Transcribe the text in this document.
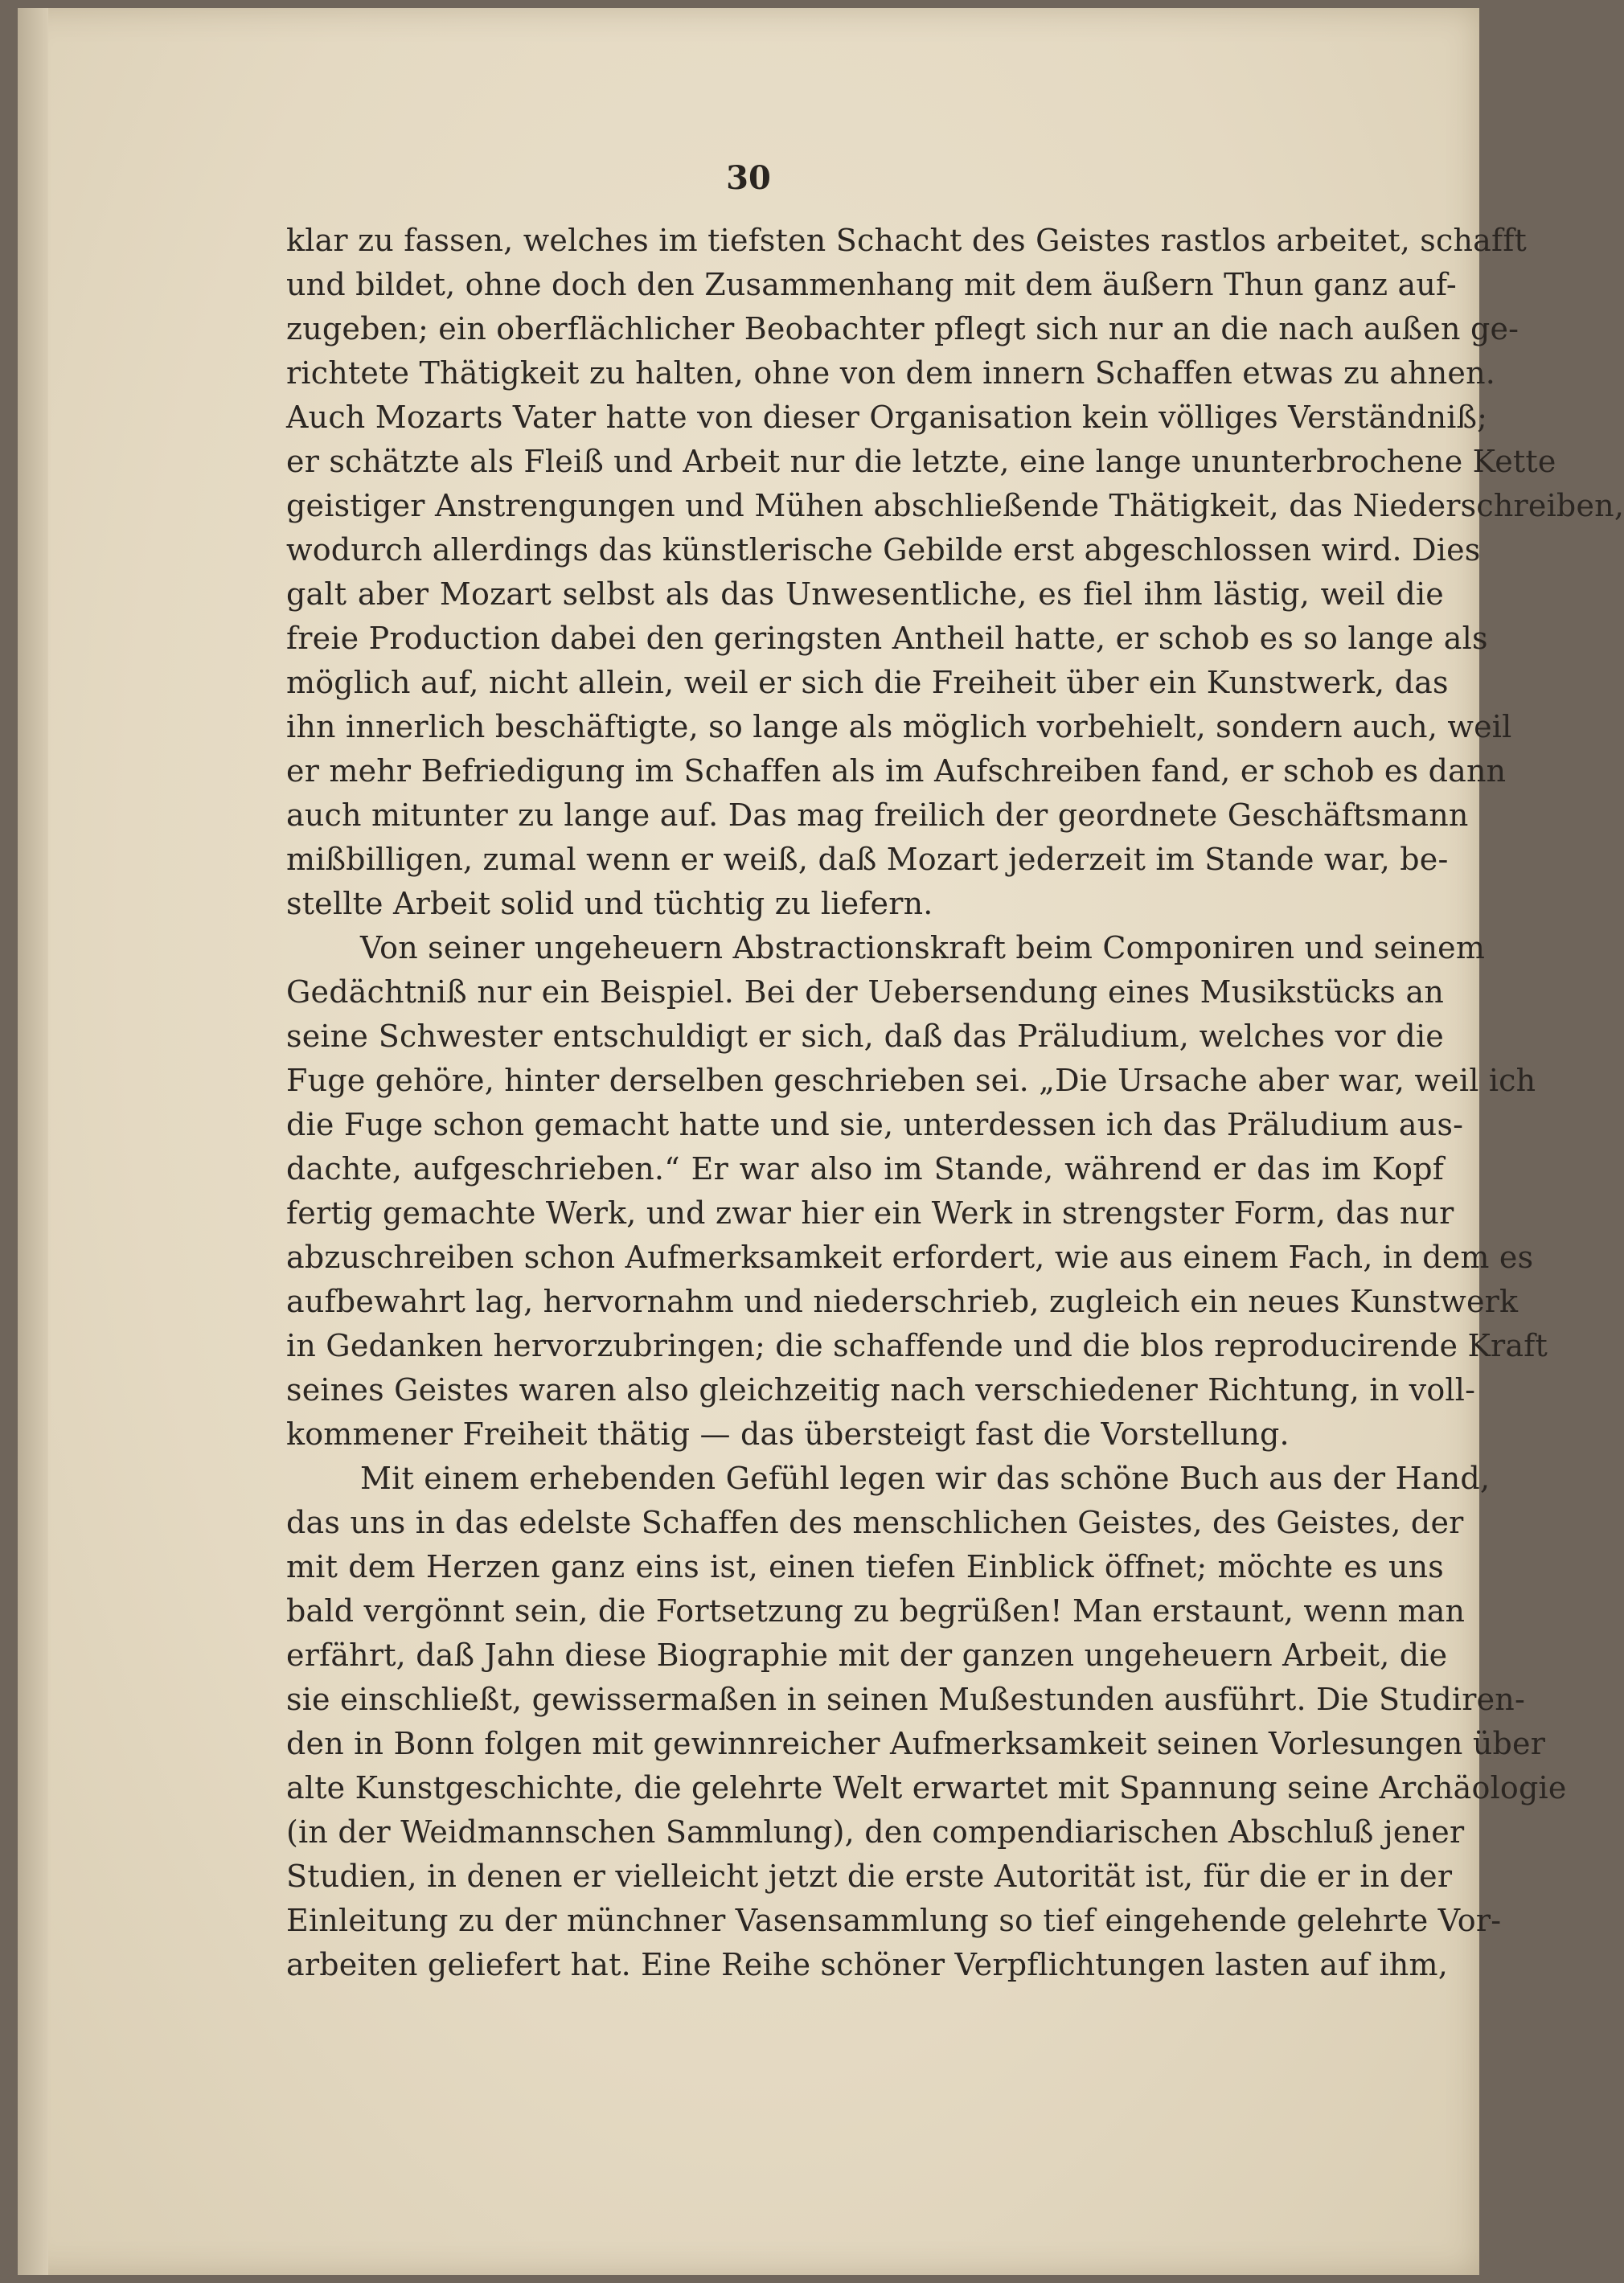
30
klar zu fassen, welches im tiefsten Schacht des Geistes rastlos arbeitet, schafft
und bildet, ohne doch den Zusammenhang mit dem äußern Thun ganz auf-
zugeben; ein oberflächlicher Beobachter pflegt sich nur an die nach außen ge-
richtete Thätigkeit zu halten, ohne von dem innern Schaffen etwas zu ahnen.
Auch Mozarts Vater hatte von dieser Organisation kein völliges Verständniß;
er schätzte als Fleiß und Arbeit nur die letzte, eine lange ununterbrochene Kette
geistiger Anstrengungen und Mühen abschließende Thätigkeit, das Niederschreiben,
wodurch allerdings das künstlerische Gebilde erst abgeschlossen wird. Dies
galt aber Mozart selbst als das Unwesentliche, es fiel ihm lästig, weil die
freie Production dabei den geringsten Antheil hatte, er schob es so lange als
möglich auf, nicht allein, weil er sich die Freiheit über ein Kunstwerk, das
ihn innerlich beschäftigte, so lange als möglich vorbehielt, sondern auch, weil
er mehr Befriedigung im Schaffen als im Aufschreiben fand, er schob es dann
auch mitunter zu lange auf. Das mag freilich der geordnete Geschäftsmann
mißbilligen, zumal wenn er weiß, daß Mozart jederzeit im Stande war, be-
stellte Arbeit solid und tüchtig zu liefern.
Von seiner ungeheuern Abstractionskraft beim Componiren und seinem
Gedächtniß nur ein Beispiel. Bei der Uebersendung eines Musikstücks an
seine Schwester entschuldigt er sich, daß das Präludium, welches vor die
Fuge gehöre, hinter derselben geschrieben sei. „Die Ursache aber war, weil ich
die Fuge schon gemacht hatte und sie, unterdessen ich das Präludium aus-
dachte, aufgeschrieben.“ Er war also im Stande, während er das im Kopf
fertig gemachte Werk, und zwar hier ein Werk in strengster Form, das nur
abzuschreiben schon Aufmerksamkeit erfordert, wie aus einem Fach, in dem es
aufbewahrt lag, hervornahm und niederschrieb, zugleich ein neues Kunstwerk
in Gedanken hervorzubringen; die schaffende und die blos reproducirende Kraft
seines Geistes waren also gleichzeitig nach verschiedener Richtung, in voll-
kommener Freiheit thätig — das übersteigt fast die Vorstellung.
Mit einem erhebenden Gefühl legen wir das schöne Buch aus der Hand,
das uns in das edelste Schaffen des menschlichen Geistes, des Geistes, der
mit dem Herzen ganz eins ist, einen tiefen Einblick öffnet; möchte es uns
bald vergönnt sein, die Fortsetzung zu begrüßen! Man erstaunt, wenn man
erfährt, daß Jahn diese Biographie mit der ganzen ungeheuern Arbeit, die
sie einschließt, gewissermaßen in seinen Mußestunden ausführt. Die Studiren-
den in Bonn folgen mit gewinnreicher Aufmerksamkeit seinen Vorlesungen über
alte Kunstgeschichte, die gelehrte Welt erwartet mit Spannung seine Archäologie
(in der Weidmannschen Sammlung), den compendiarischen Abschluß jener
Studien, in denen er vielleicht jetzt die erste Autorität ist, für die er in der
Einleitung zu der münchner Vasensammlung so tief eingehende gelehrte Vor-
arbeiten geliefert hat. Eine Reihe schöner Verpflichtungen lasten auf ihm,
